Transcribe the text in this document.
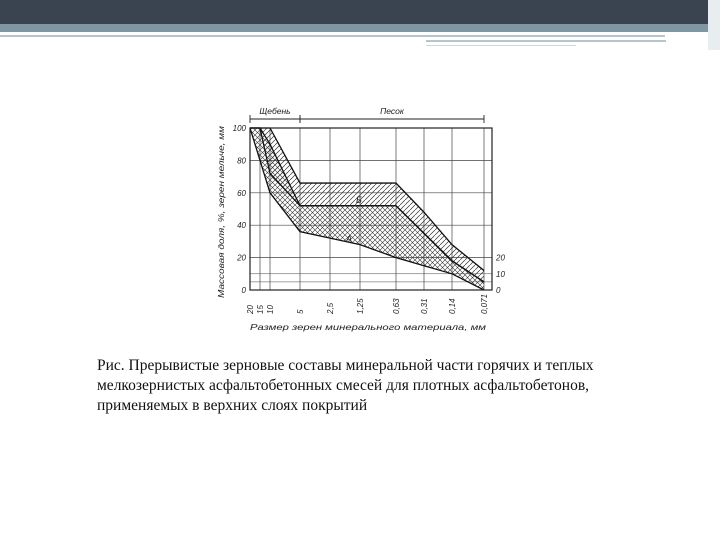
20 15 10	5	2,5	1,25	0,63 0,31 0,14	0,071
0
20
40
60
80
100
20
10
0
Щебень	Песок
Б
А
Размер зерен минерального материала, мм
Массовая доля, %, зерен мельче, мм
Рис. Прерывистые зерновые составы минеральной части горячих и теплых мелкозернистых асфальтобетонных смесей для плотных асфальтобетонов, применяемых в верхних слоях покрытий
